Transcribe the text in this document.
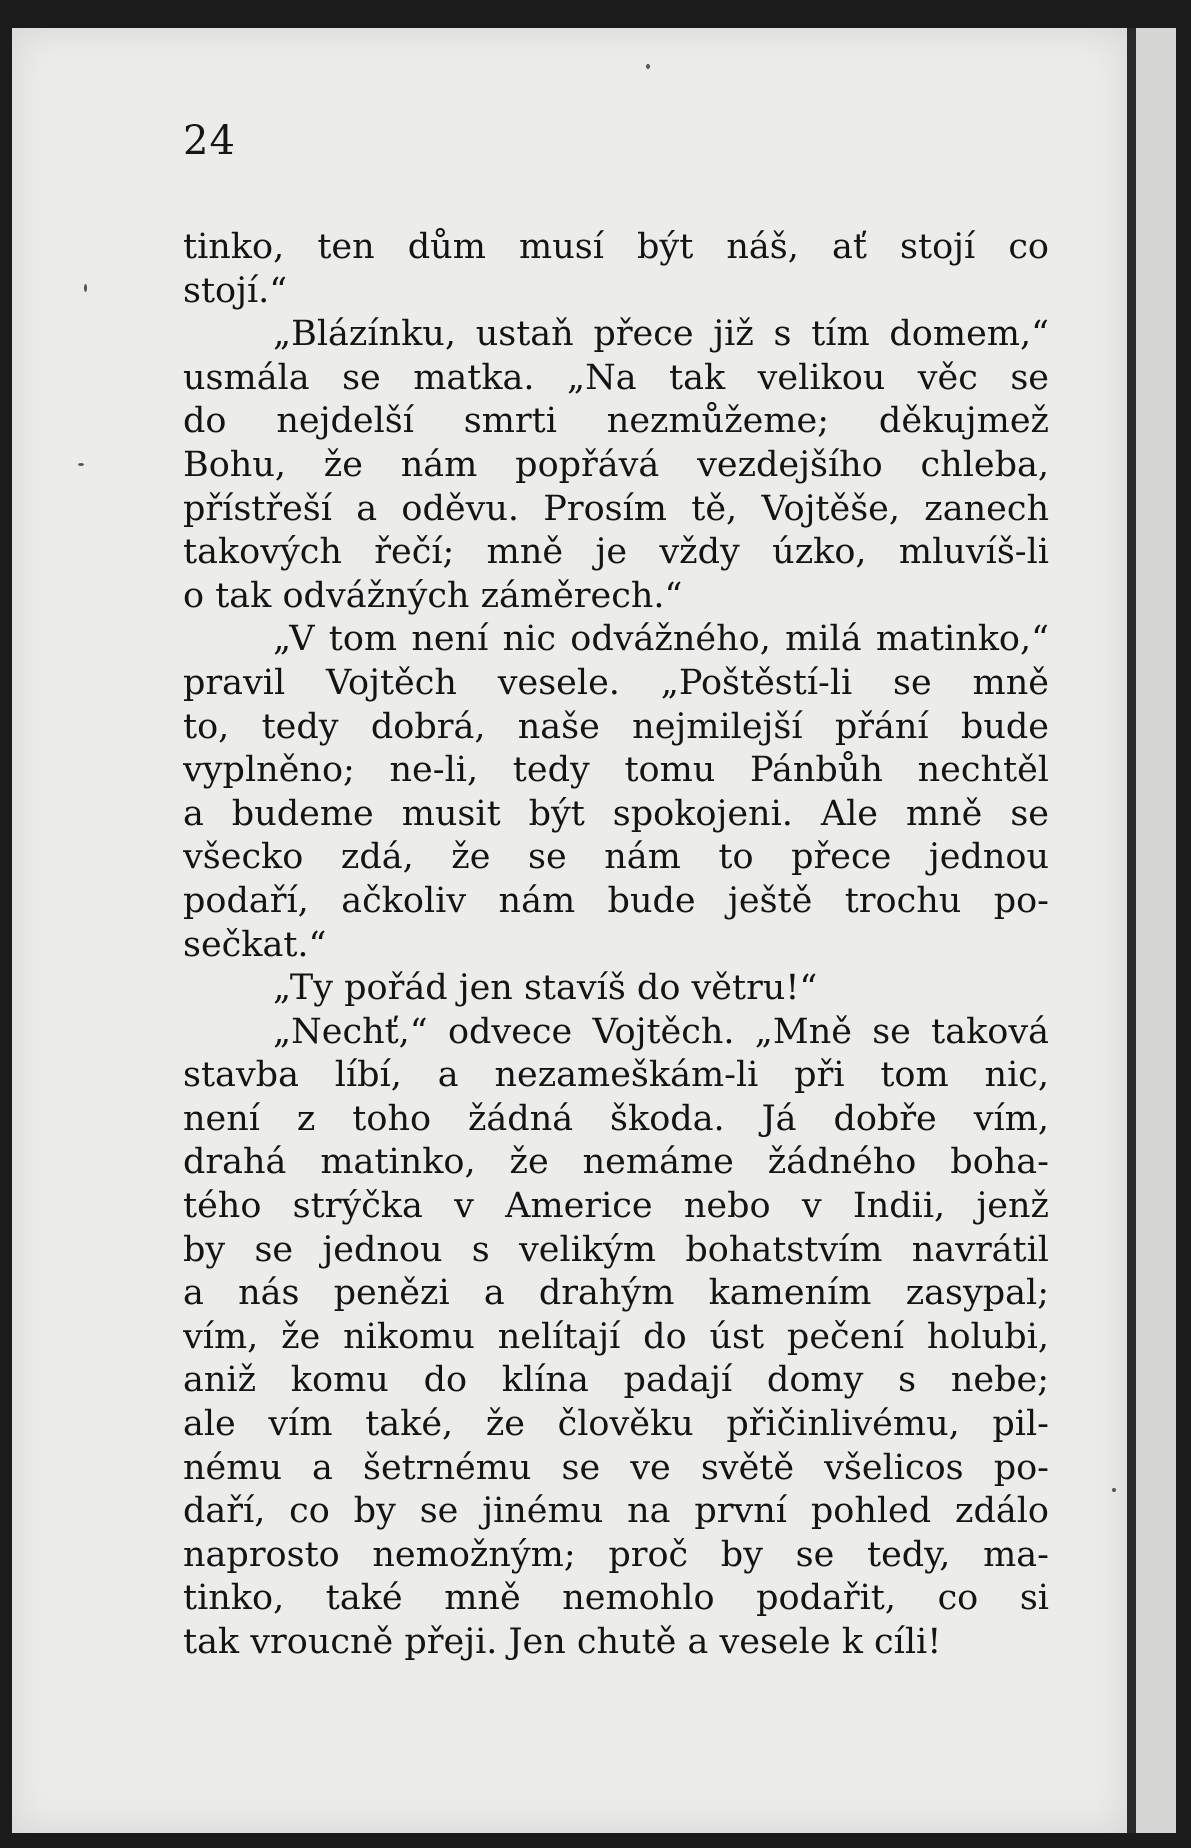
24

tinko, ten dům musí být náš, ať stojí co
stojí.“
„Blázínku, ustaň přece již s tím domem,“
usmála se matka. „Na tak velikou věc se
do nejdelší smrti nezmůžeme; děkujmež
Bohu, že nám popřává vezdejšího chleba,
přístřeší a oděvu. Prosím tě, Vojtěše, zanech
takových řečí; mně je vždy úzko, mluvíš-li
o tak odvážných záměrech.“
„V tom není nic odvážného, milá matinko,“
pravil Vojtěch vesele. „Poštěstí-li se mně
to, tedy dobrá, naše nejmilejší přání bude
vyplněno; ne-li, tedy tomu Pánbůh nechtěl
a budeme musit být spokojeni. Ale mně se
všecko zdá, že se nám to přece jednou
podaří, ačkoliv nám bude ještě trochu po-
sečkat.“
„Ty pořád jen stavíš do větru!“
„Nechť,“ odvece Vojtěch. „Mně se taková
stavba líbí, a nezameškám-li při tom nic,
není z toho žádná škoda. Já dobře vím,
drahá matinko, že nemáme žádného boha-
tého strýčka v Americe nebo v Indii, jenž
by se jednou s velikým bohatstvím navrátil
a nás penězi a drahým kamením zasypal;
vím, že nikomu nelítají do úst pečení holubi,
aniž komu do klína padají domy s nebe;
ale vím také, že člověku přičinlivému, pil-
nému a šetrnému se ve světě všelicos po-
daří, co by se jinému na první pohled zdálo
naprosto nemožným; proč by se tedy, ma-
tinko, také mně nemohlo podařit, co si
tak vroucně přeji. Jen chutě a vesele k cíli!
